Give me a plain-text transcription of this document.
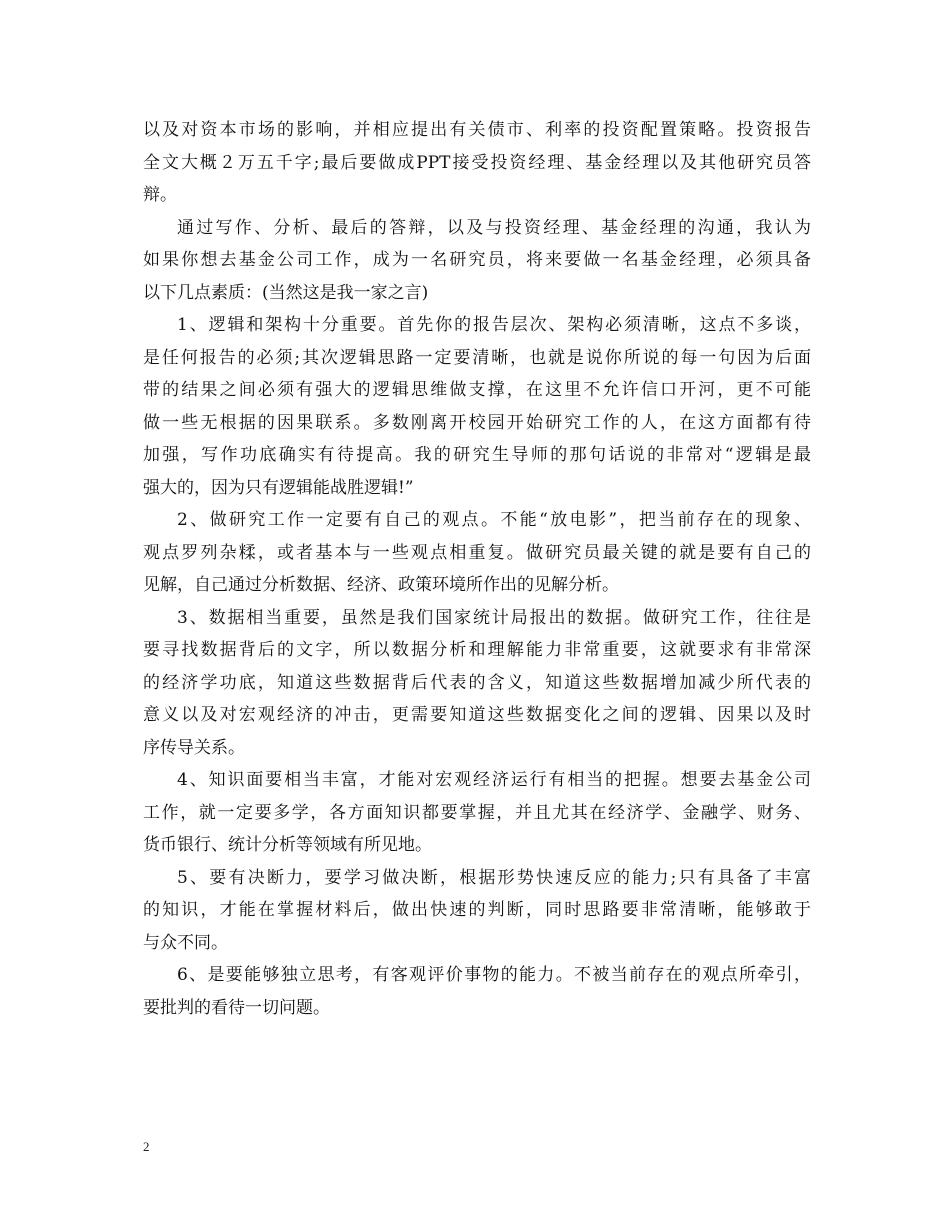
以及对资本市场的影响，并相应提出有关债市、利率的投资配置策略。投资报告
全文大概２万五千字;最后要做成PPT接受投资经理、基金经理以及其他研究员答
辩。

通过写作、分析、最后的答辩，以及与投资经理、基金经理的沟通，我认为
如果你想去基金公司工作，成为一名研究员，将来要做一名基金经理，必须具备
以下几点素质：(当然这是我一家之言)

1、逻辑和架构十分重要。首先你的报告层次、架构必须清晰，这点不多谈，
是任何报告的必须;其次逻辑思路一定要清晰，也就是说你所说的每一句因为后面
带的结果之间必须有强大的逻辑思维做支撑，在这里不允许信口开河，更不可能
做一些无根据的因果联系。多数刚离开校园开始研究工作的人，在这方面都有待
加强，写作功底确实有待提高。我的研究生导师的那句话说的非常对“逻辑是最
强大的，因为只有逻辑能战胜逻辑!”

2、做研究工作一定要有自己的观点。不能“放电影”，把当前存在的现象、
观点罗列杂糅，或者基本与一些观点相重复。做研究员最关键的就是要有自己的
见解，自己通过分析数据、经济、政策环境所作出的见解分析。

3、数据相当重要，虽然是我们国家统计局报出的数据。做研究工作，往往是
要寻找数据背后的文字，所以数据分析和理解能力非常重要，这就要求有非常深
的经济学功底，知道这些数据背后代表的含义，知道这些数据增加减少所代表的
意义以及对宏观经济的冲击，更需要知道这些数据变化之间的逻辑、因果以及时
序传导关系。

4、知识面要相当丰富，才能对宏观经济运行有相当的把握。想要去基金公司
工作，就一定要多学，各方面知识都要掌握，并且尤其在经济学、金融学、财务、
货币银行、统计分析等领域有所见地。

5、要有决断力，要学习做决断，根据形势快速反应的能力;只有具备了丰富
的知识，才能在掌握材料后，做出快速的判断，同时思路要非常清晰，能够敢于
与众不同。

6、是要能够独立思考，有客观评价事物的能力。不被当前存在的观点所牵引，
要批判的看待一切问题。

2
